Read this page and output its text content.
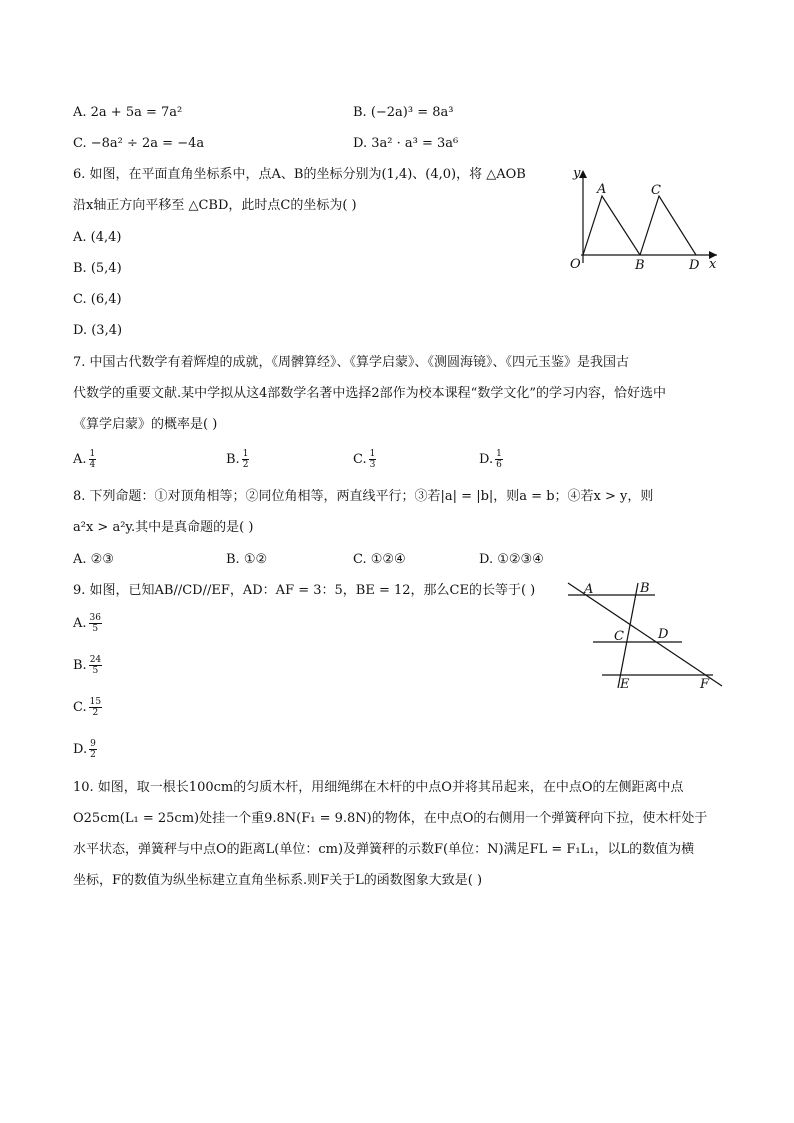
A. 2a + 5a = 7a²	B. (−2a)³ = 8a³
C. −8a² ÷ 2a = −4a	D. 3a² · a³ = 3a⁶
6. 如图，在平面直角坐标系中，点A、B的坐标分别为(1,4)、(4,0)，将 △AOB
沿x轴正方向平移至 △CBD，此时点C的坐标为( )
A. (4,4)
B. (5,4)
C. (6,4)
D. (3,4)
y
x
O
A
B
C
D
7. 中国古代数学有着辉煌的成就，《周髀算经》、《算学启蒙》、《测圆海镜》、《四元玉鉴》是我国古
代数学的重要文献.某中学拟从这4部数学名著中选择2部作为校本课程“数学文化”的学习内容，恰好选中
《算学启蒙》的概率是( )
A. $\frac{1}{4}$	B. $\frac{1}{2}$	C. $\frac{1}{3}$	D. $\frac{1}{6}$
8. 下列命题：①对顶角相等；②同位角相等，两直线平行；③若|a| = |b|，则a = b；④若x > y，则
a²x > a²y.其中是真命题的是( )
A. ②③	B. ①②	C. ①②④	D. ①②③④
9. 如图，已知AB//CD//EF，AD：AF = 3：5，BE = 12，那么CE的长等于( )
A. $\frac{36}{5}$
B. $\frac{24}{5}$
C. $\frac{15}{2}$
D. $\frac{9}{2}$
A	B
C	D
E	F
10. 如图，取一根长100cm的匀质木杆，用细绳绑在木杆的中点O并将其吊起来，在中点O的左侧距离中点
O25cm(L₁ = 25cm)处挂一个重9.8N(F₁ = 9.8N)的物体，在中点O的右侧用一个弹簧秤向下拉，使木杆处于
水平状态，弹簧秤与中点O的距离L(单位：cm)及弹簧秤的示数F(单位：N)满足FL = F₁L₁，以L的数值为横
坐标，F的数值为纵坐标建立直角坐标系.则F关于L的函数图象大致是( )
